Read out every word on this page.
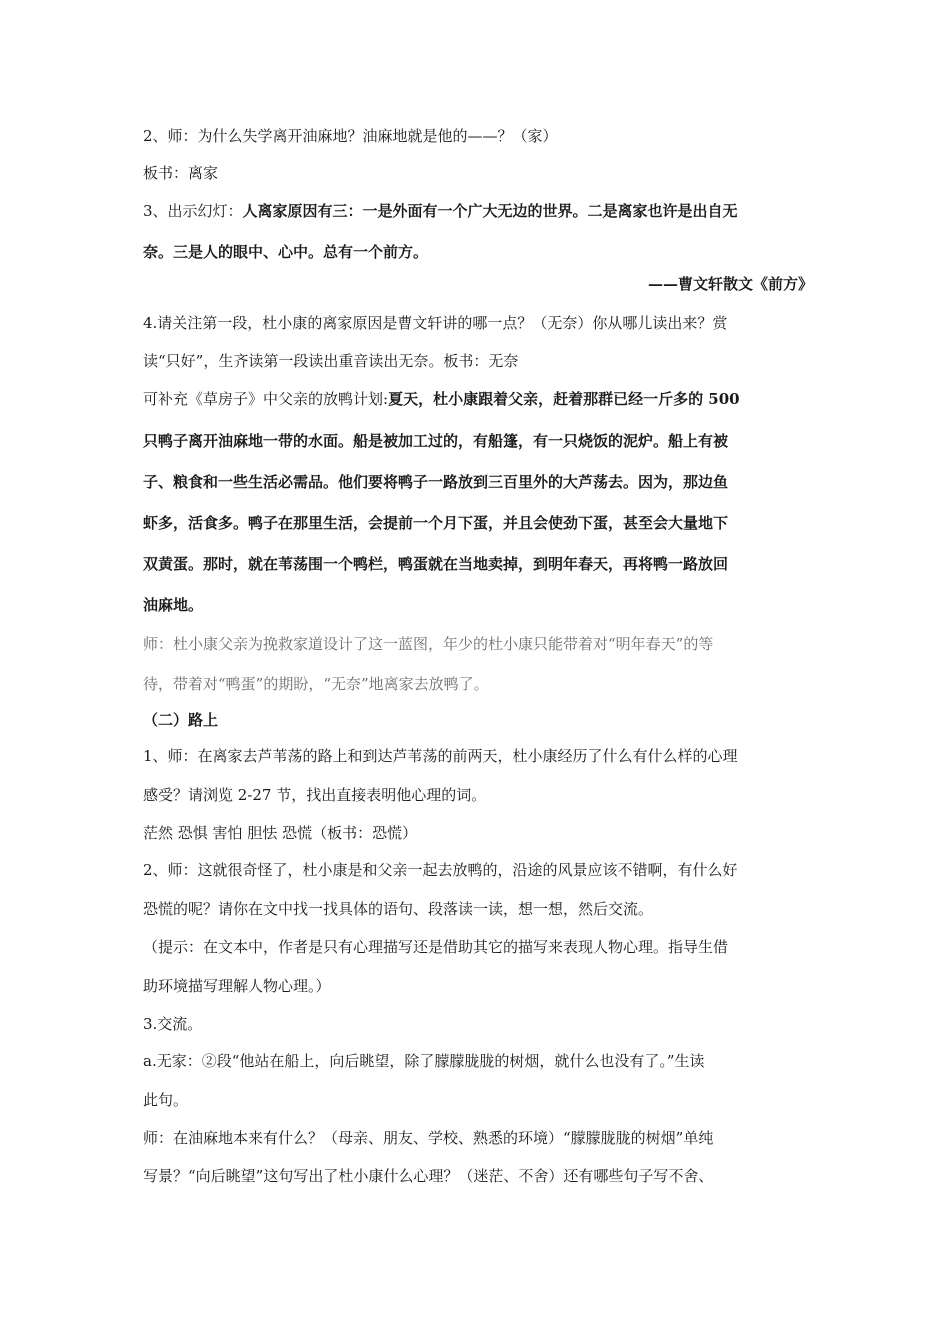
2、师：为什么失学离开油麻地？油麻地就是他的——？（家）
板书：离家
3、出示幻灯：人离家原因有三：一是外面有一个广大无边的世界。二是离家也许是出自无
奈。三是人的眼中、心中。总有一个前方。
——曹文轩散文《前方》
4.请关注第一段，杜小康的离家原因是曹文轩讲的哪一点？（无奈）你从哪儿读出来？赏
读“只好”，生齐读第一段读出重音读出无奈。板书：无奈
可补充《草房子》中父亲的放鸭计划:夏天，杜小康跟着父亲，赶着那群已经一斤多的 500
只鸭子离开油麻地一带的水面。船是被加工过的，有船篷，有一只烧饭的泥炉。船上有被
子、粮食和一些生活必需品。他们要将鸭子一路放到三百里外的大芦荡去。因为，那边鱼
虾多，活食多。鸭子在那里生活，会提前一个月下蛋，并且会使劲下蛋，甚至会大量地下
双黄蛋。那时，就在苇荡围一个鸭栏，鸭蛋就在当地卖掉，到明年春天，再将鸭一路放回
油麻地。
师：杜小康父亲为挽救家道设计了这一蓝图，年少的杜小康只能带着对“明年春天”的等
待，带着对“鸭蛋”的期盼，“无奈”地离家去放鸭了。
（二）路上
1、师：在离家去芦苇荡的路上和到达芦苇荡的前两天，杜小康经历了什么有什么样的心理
感受？请浏览 2-27 节，找出直接表明他心理的词。
茫然 恐惧 害怕 胆怯 恐慌（板书：恐慌）
2、师：这就很奇怪了，杜小康是和父亲一起去放鸭的，沿途的风景应该不错啊，有什么好
恐慌的呢？请你在文中找一找具体的语句、段落读一读，想一想，然后交流。
（提示：在文本中，作者是只有心理描写还是借助其它的描写来表现人物心理。指导生借
助环境描写理解人物心理。）
3.交流。
a.无家：②段“他站在船上，向后眺望，除了朦朦胧胧的树烟，就什么也没有了。”生读
此句。
师：在油麻地本来有什么？（母亲、朋友、学校、熟悉的环境）“朦朦胧胧的树烟”单纯
写景？“向后眺望”这句写出了杜小康什么心理？（迷茫、不舍）还有哪些句子写不舍、
